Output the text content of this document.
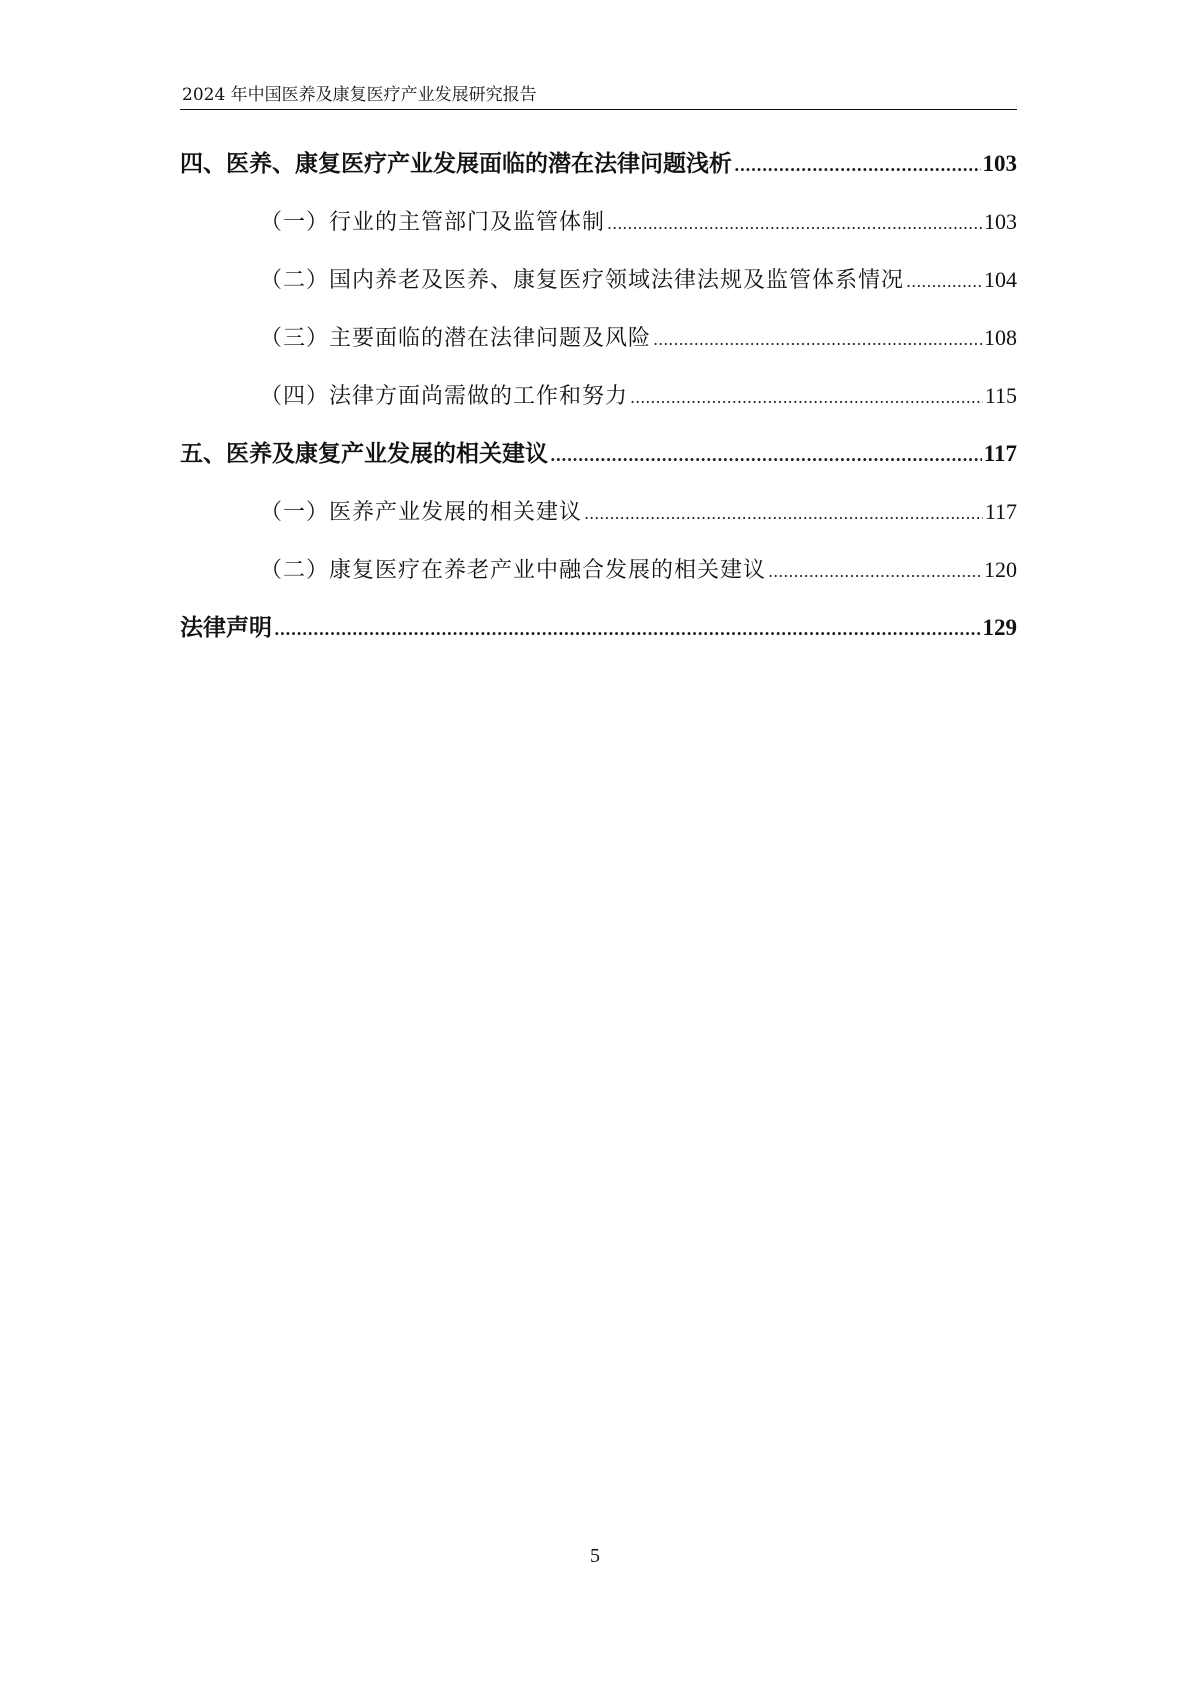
2024 年中国医养及康复医疗产业发展研究报告
四、医养、康复医疗产业发展面临的潜在法律问题浅析 .....	103
（一）行业的主管部门及监管体制 .....	103
（二）国内养老及医养、康复医疗领域法律法规及监管体系情况 .....	104
（三）主要面临的潜在法律问题及风险 .....	108
（四）法律方面尚需做的工作和努力 .....	115
五、医养及康复产业发展的相关建议 .....	117
（一）医养产业发展的相关建议 .....	117
（二）康复医疗在养老产业中融合发展的相关建议 .....	120
法律声明 .....	129
5
